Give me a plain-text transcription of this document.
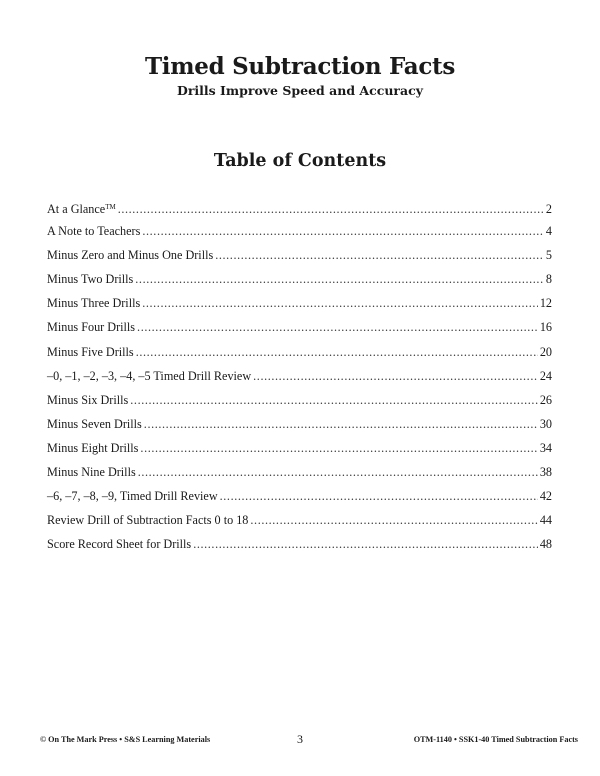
Timed Subtraction Facts
Drills Improve Speed and Accuracy
Table of Contents
At a Glance™ .....	2
A Note to Teachers .....	4
Minus Zero and Minus One Drills .....	5
Minus Two Drills .....	8
Minus Three Drills .....	12
Minus Four Drills .....	16
Minus Five Drills .....	20
–0, –1, –2, –3, –4, –5 Timed Drill Review .....	24
Minus Six Drills .....	26
Minus Seven Drills .....	30
Minus Eight Drills .....	34
Minus Nine Drills .....	38
–6, –7, –8, –9, Timed Drill Review .....	42
Review Drill of Subtraction Facts 0 to 18 .....	44
Score Record Sheet for Drills .....	48
© On The Mark Press • S&S Learning Materials	3	OTM-1140 • SSK1-40 Timed Subtraction Facts
